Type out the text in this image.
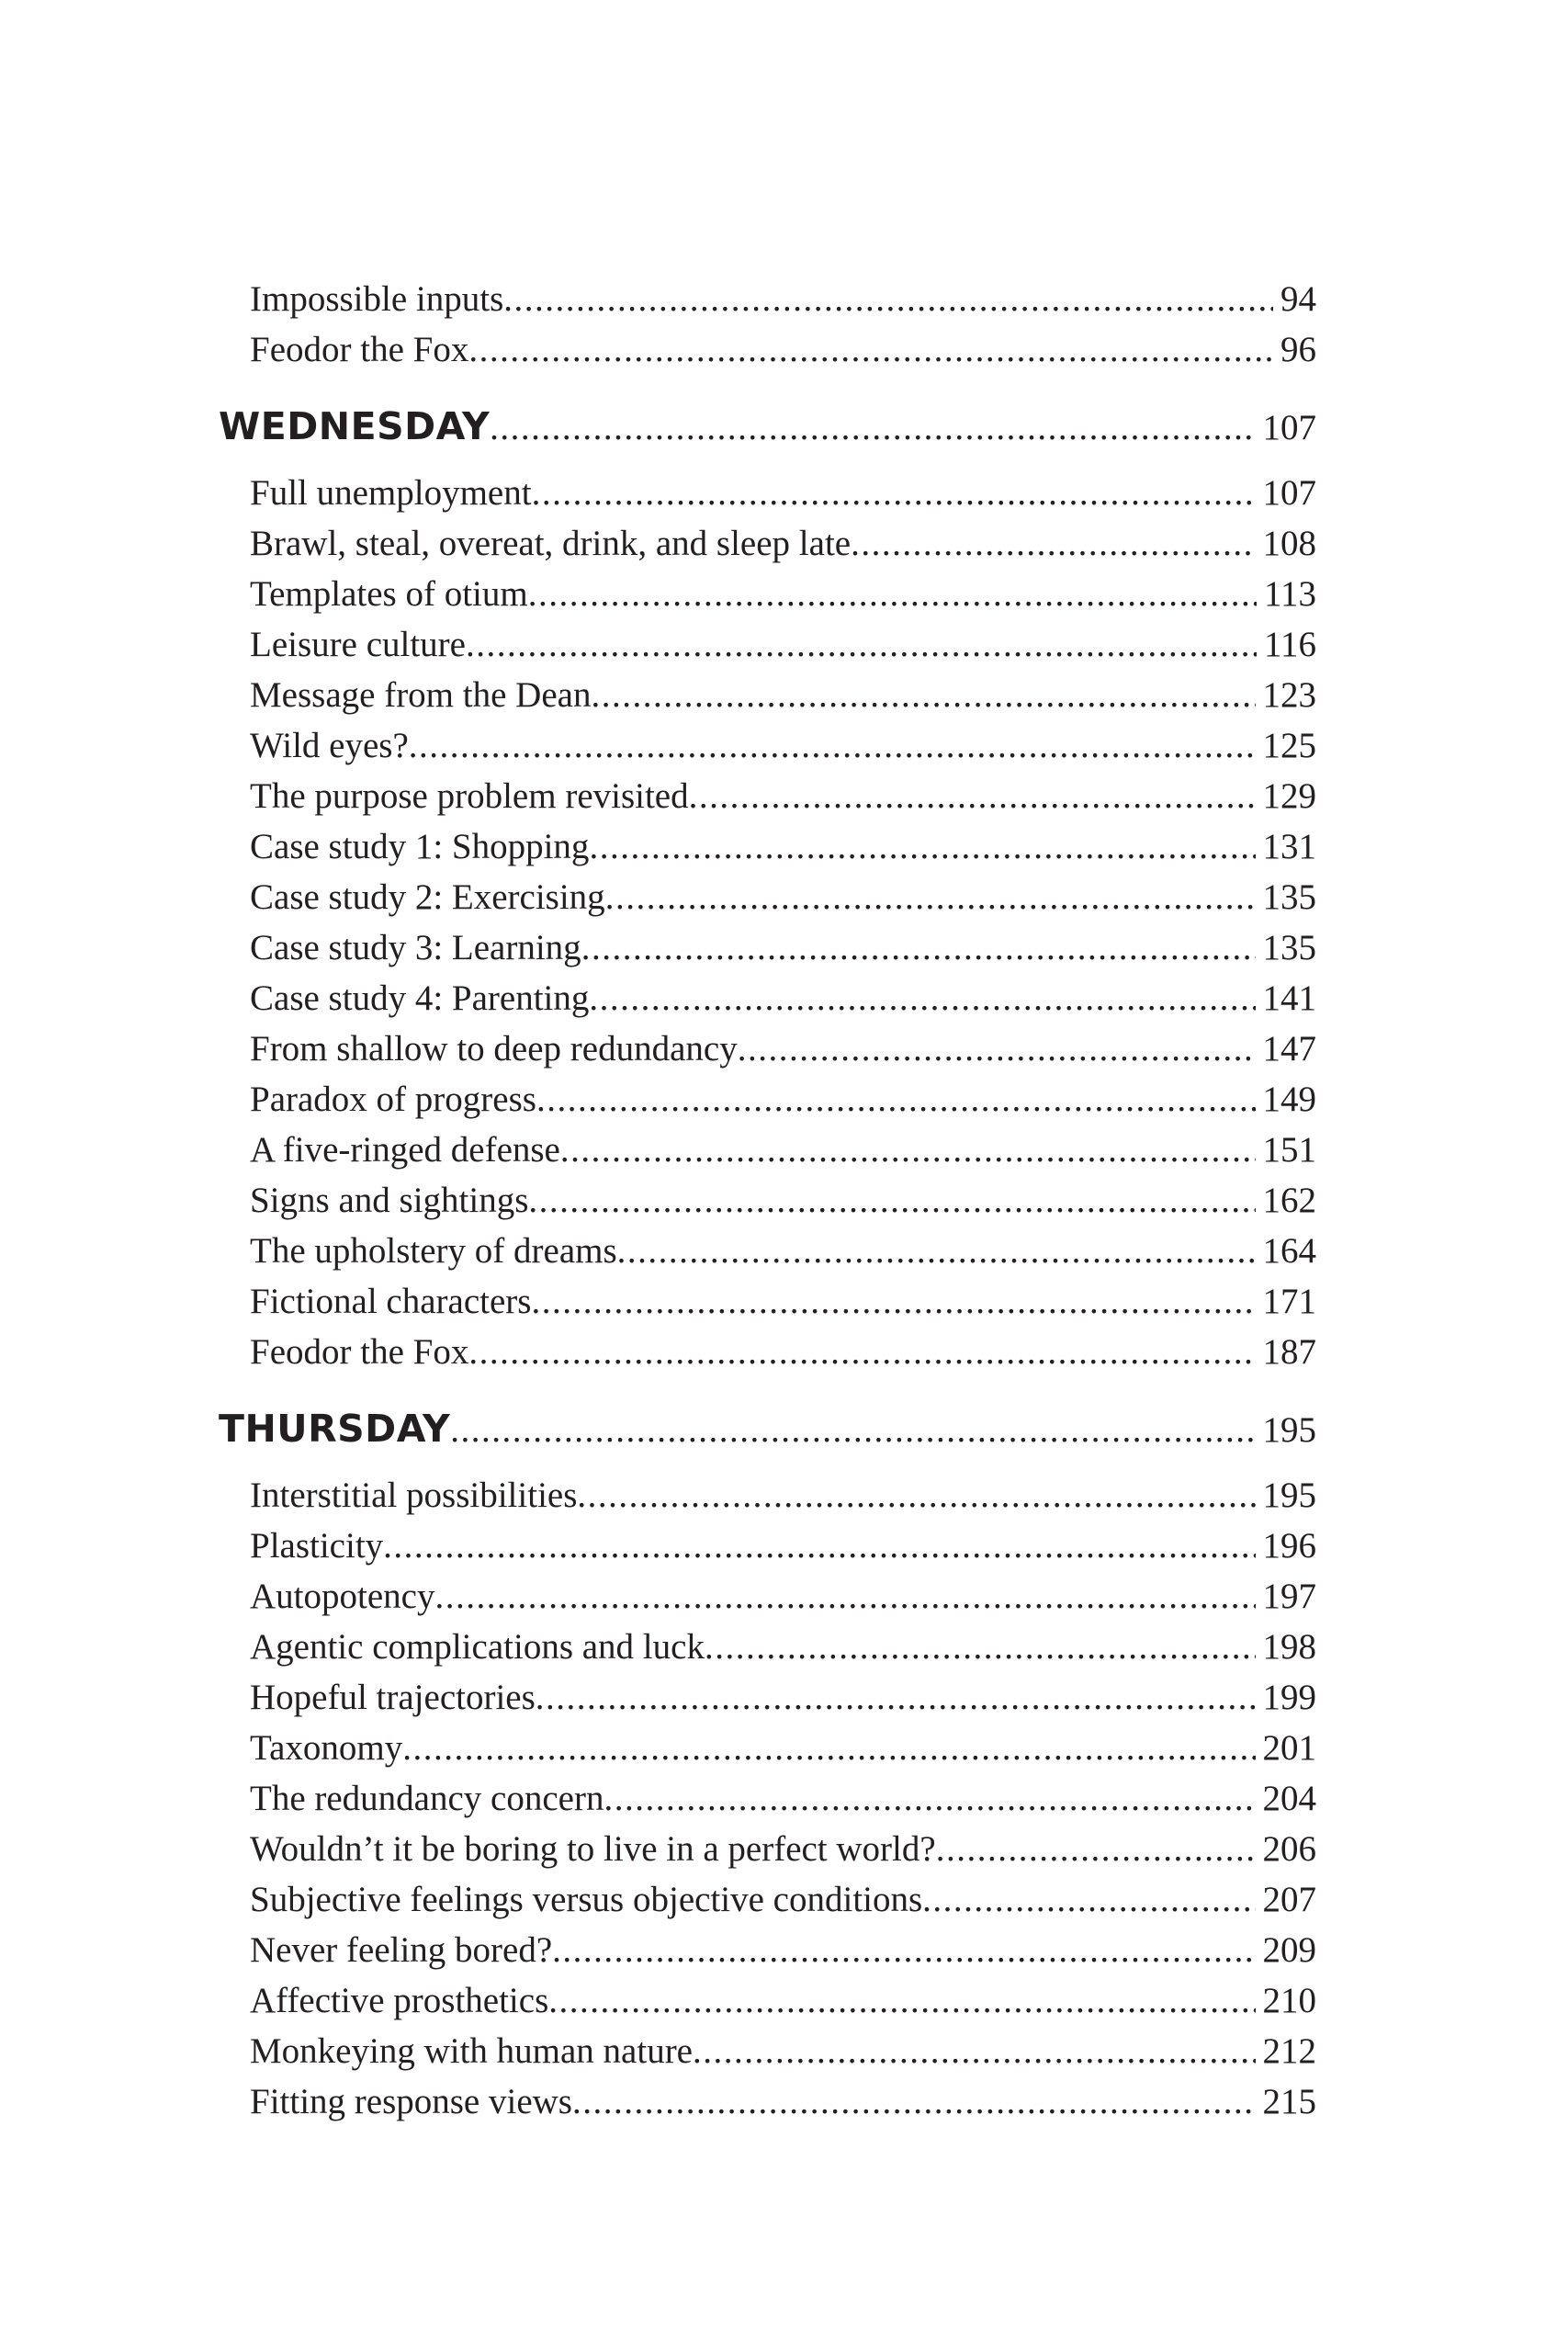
Impossible inputs .....	94
Feodor the Fox .....	96
WEDNESDAY .....	107
Full unemployment .....	107
Brawl, steal, overeat, drink, and sleep late .....	108
Templates of otium .....	113
Leisure culture .....	116
Message from the Dean .....	123
Wild eyes? .....	125
The purpose problem revisited .....	129
Case study 1: Shopping .....	131
Case study 2: Exercising .....	135
Case study 3: Learning .....	135
Case study 4: Parenting .....	141
From shallow to deep redundancy .....	147
Paradox of progress .....	149
A five-ringed defense .....	151
Signs and sightings .....	162
The upholstery of dreams .....	164
Fictional characters .....	171
Feodor the Fox .....	187
THURSDAY .....	195
Interstitial possibilities .....	195
Plasticity .....	196
Autopotency .....	197
Agentic complications and luck .....	198
Hopeful trajectories .....	199
Taxonomy .....	201
The redundancy concern .....	204
Wouldn’t it be boring to live in a perfect world? .....	206
Subjective feelings versus objective conditions .....	207
Never feeling bored? .....	209
Affective prosthetics .....	210
Monkeying with human nature .....	212
Fitting response views .....	215
